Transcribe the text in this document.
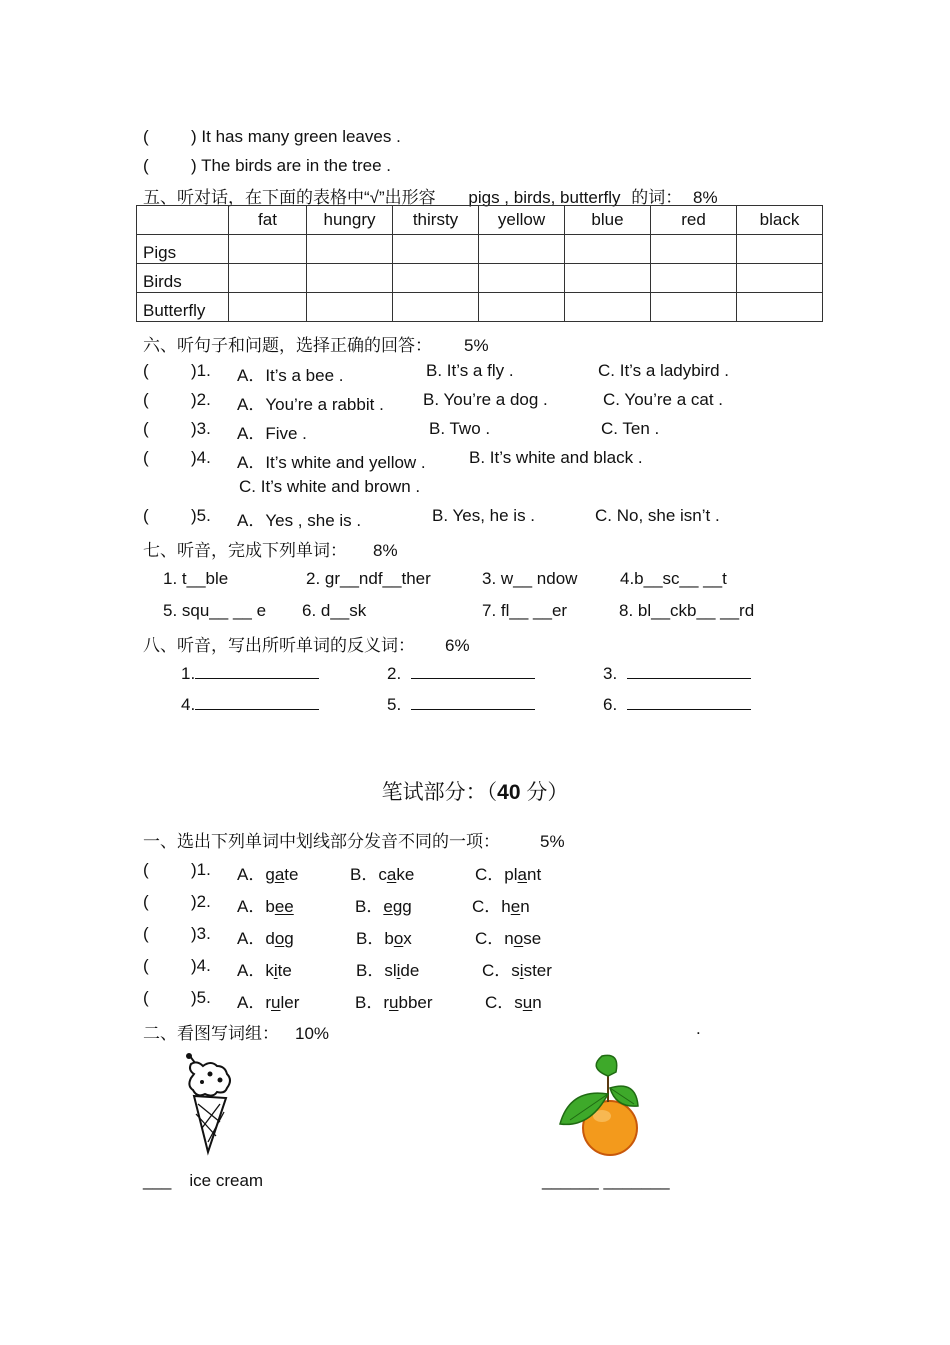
( ) It has many green leaves .
( ) The birds are in the tree .
五、听对话，在下面的表格中“√”出形容 pigs , birds, butterfly 的词： 8%
	fat	hungry	thirsty	yellow	blue	red	black
Pigs							
Birds							
Butterfly							
六、听句子和问题，选择正确的回答： 5%
( )1. A．It’s a bee .	B. It’s a fly .	C. It’s a ladybird .
( )2. A．You’re a rabbit . B. You’re a dog .	C. You’re a cat .
( )3. A．Five .	B. Two .	C. Ten .
( )4. A．It’s white and yellow .	B. It’s white and black .
C. It’s white and brown .
( )5. A．Yes , she is .	B. Yes, he is .	C. No, she isn’t .
七、听音，完成下列单词： 8%
1. t__ble	2. gr__ndf__ther	3. w__ ndow	4.b__sc__ __t
5. squ__ __ e 6. d__sk	7. fl__ __er	8. bl__ckb__ __rd
八、听音，写出所听单词的反义词： 6%
1.	2.	3.
4.	5.	6.
笔试部分：（40 分）
一、选出下列单词中划线部分发音不同的一项： 5%
( )1. A．gate	B．cake	C．plant
( )2. A．bee	B．egg	C．hen
( )3. A．dog	B．box	C．nose
( )4. A．kite	B．slide	C．sister
( )5. A．ruler	B．rubber	C．sun
二、看图写词组： 10%	.
___ ice cream	______ _______
